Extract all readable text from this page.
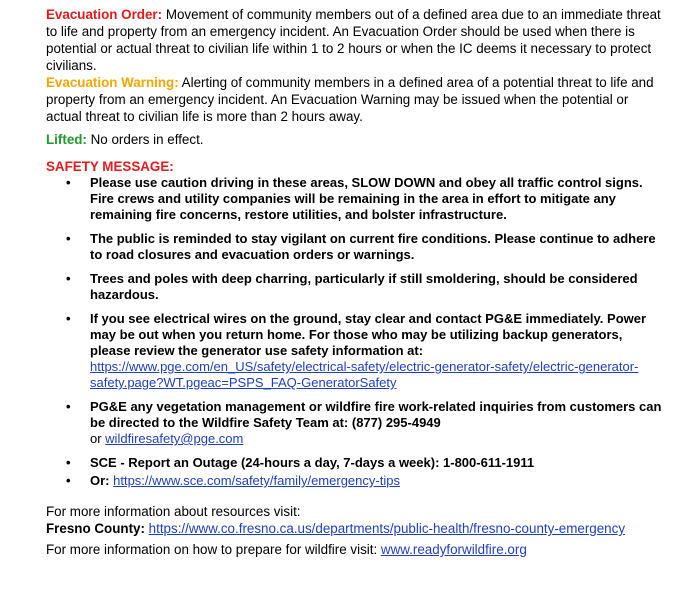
Evacuation Order: Movement of community members out of a defined area due to an immediate threat to life and property from an emergency incident. An Evacuation Order should be used when there is potential or actual threat to civilian life within 1 to 2 hours or when the IC deems it necessary to protect civilians.

Evacuation Warning: Alerting of community members in a defined area of a potential threat to life and property from an emergency incident. An Evacuation Warning may be issued when the potential or actual threat to civilian life is more than 2 hours away.

Lifted: No orders in effect.

SAFETY MESSAGE:

• Please use caution driving in these areas, SLOW DOWN and obey all traffic control signs. Fire crews and utility companies will be remaining in the area in effort to mitigate any remaining fire concerns, restore utilities, and bolster infrastructure.
• The public is reminded to stay vigilant on current fire conditions. Please continue to adhere to road closures and evacuation orders or warnings.
• Trees and poles with deep charring, particularly if still smoldering, should be considered hazardous.
• If you see electrical wires on the ground, stay clear and contact PG&E immediately. Power may be out when you return home. For those who may be utilizing backup generators, please review the generator use safety information at:
https://www.pge.com/en_US/safety/electrical-safety/electric-generator-safety/electric-generator-safety.page?WT.pgeac=PSPS_FAQ-GeneratorSafety
• PG&E any vegetation management or wildfire fire work-related inquiries from customers can be directed to the Wildfire Safety Team at: (877) 295-4949
or wildfiresafety@pge.com
• SCE - Report an Outage (24-hours a day, 7-days a week): 1-800-611-1911
• Or: https://www.sce.com/safety/family/emergency-tips

For more information about resources visit:

Fresno County: https://www.co.fresno.ca.us/departments/public-health/fresno-county-emergency

For more information on how to prepare for wildfire visit: www.readyforwildfire.org
